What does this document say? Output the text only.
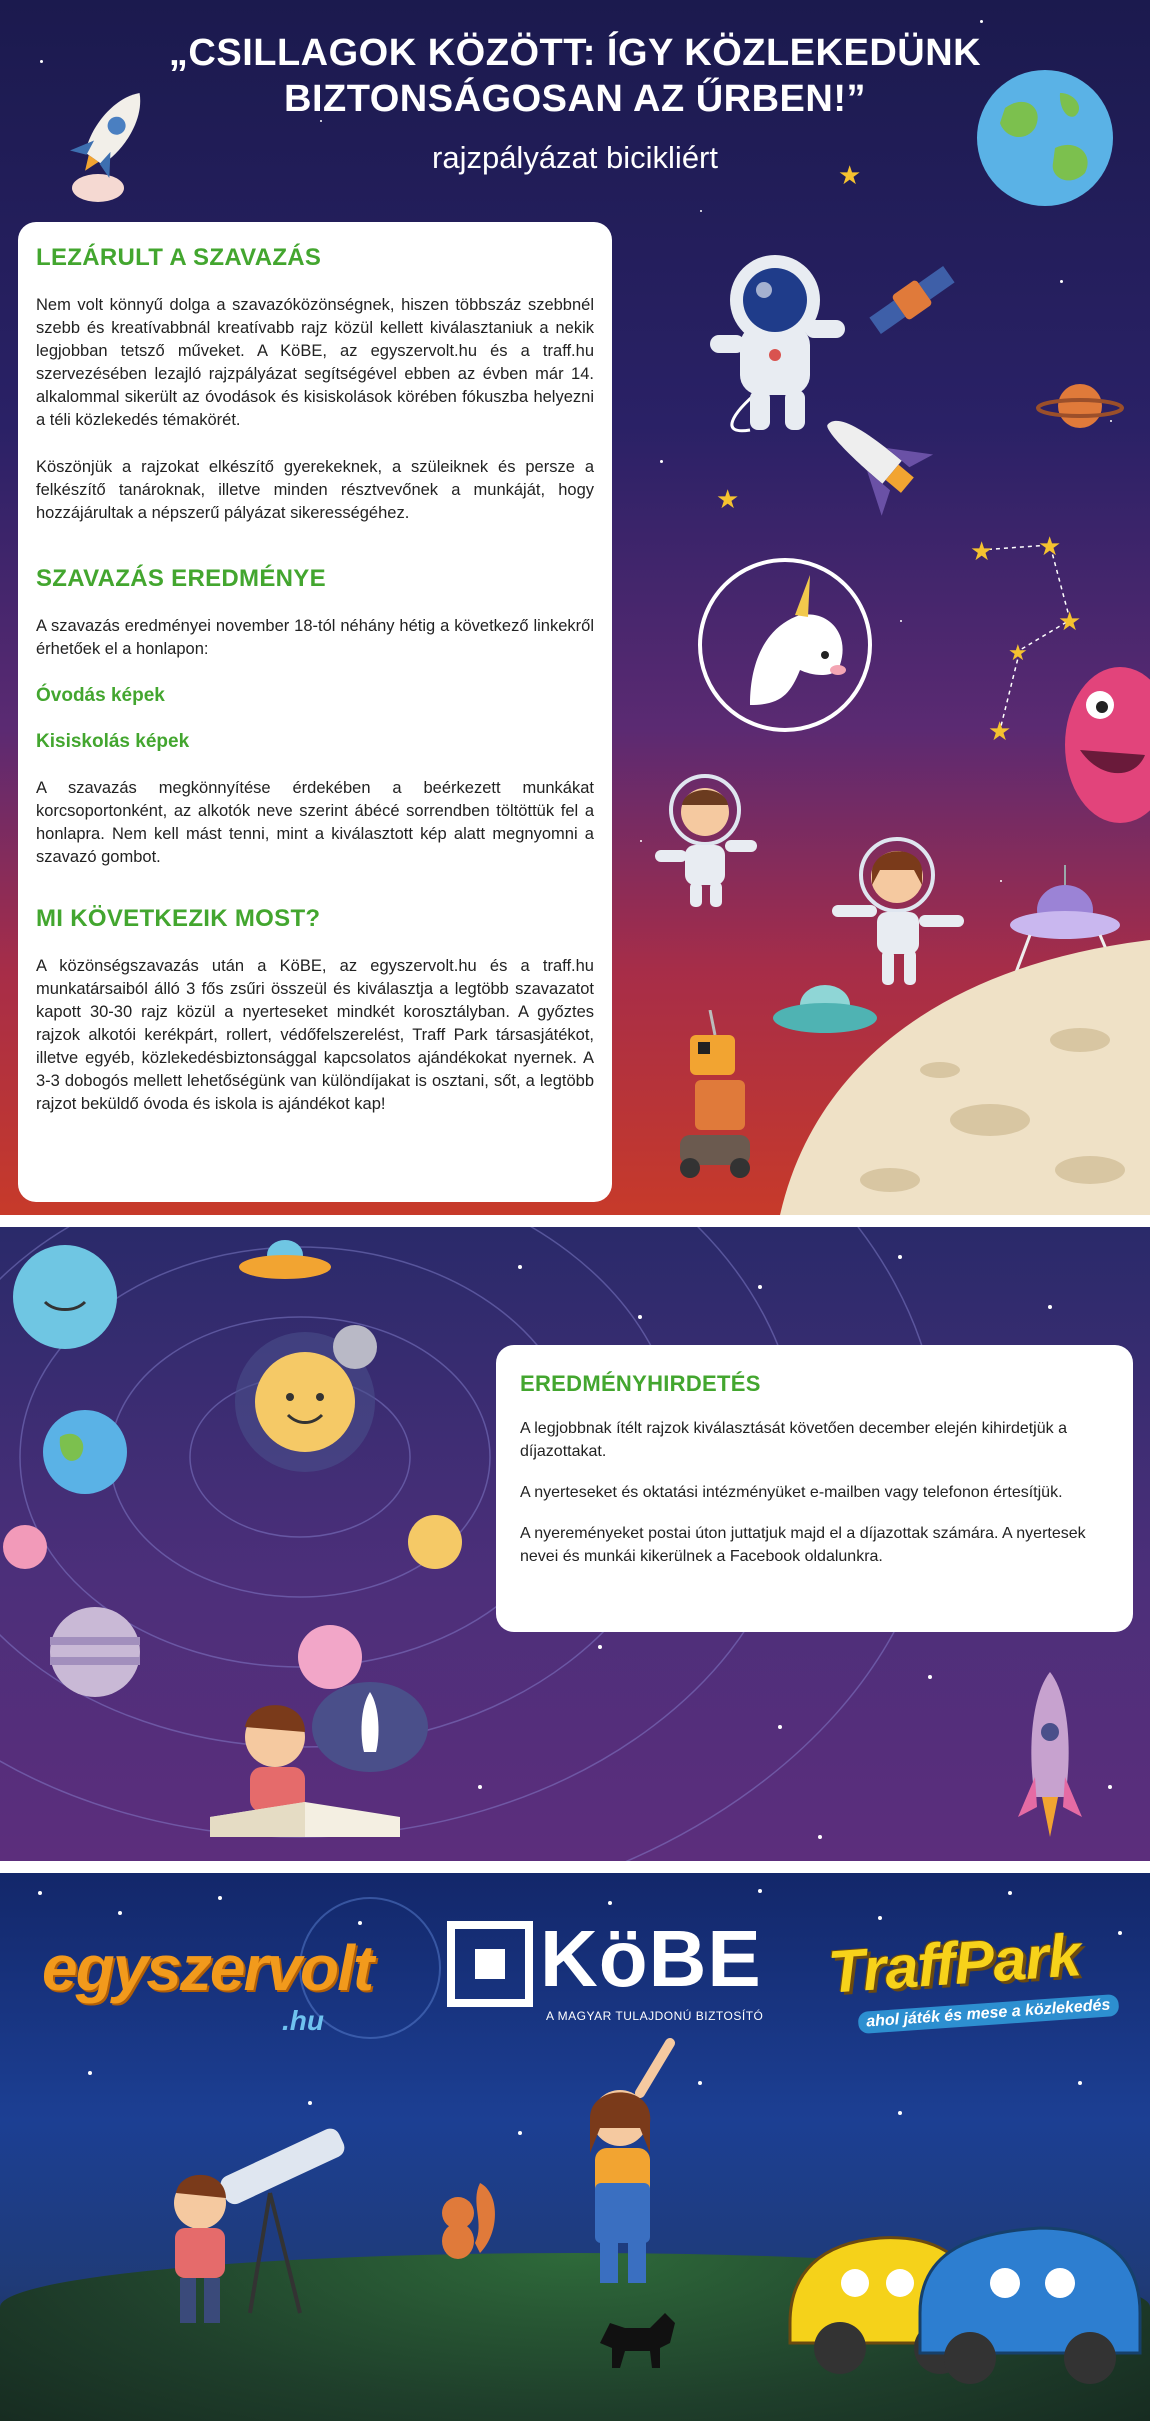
★
★
„CSILLAGOK KÖZÖTT: ÍGY KÖZLEKEDÜNK
BIZTONSÁGOSAN AZ ŰRBEN!”
rajzpályázat bicikliért
★ ★
★
★
★
LEZÁRULT A SZAVAZÁS

Nem volt könnyű dolga a szavazóközönségnek, hiszen többszáz szebbnél szebb és kreatívabbnál kreatívabb rajz közül kellett kiválasztaniuk a nekik legjobban tetsző műveket. A KöBE, az egyszervolt.hu és a traff.hu szervezésében lezajló rajzpályázat segítségével ebben az évben már 14. alkalommal sikerült az óvodások és kisiskolások körében fókuszba helyezni a téli közlekedés témakörét.

Köszönjük a rajzokat elkészítő gyerekeknek, a szüleiknek és persze a felkészítő tanároknak, illetve minden résztvevőnek a munkáját, hogy hozzájárultak a népszerű pályázat sikerességéhez.

SZAVAZÁS EREDMÉNYE

A szavazás eredményei november 18-tól néhány hétig a következő linkekről érhetőek el a honlapon:

Óvodás képek
Kisiskolás képek

A szavazás megkönnyítése érdekében a beérkezett munkákat korcsoportonként, az alkotók neve szerint ábécé sorrendben töltöttük fel a honlapra. Nem kell mást tenni, mint a kiválasztott kép alatt megnyomni a szavazó gombot.

MI KÖVETKEZIK MOST?

A közönségszavazás után a KöBE, az egyszervolt.hu és a traff.hu munkatársaiból álló 3 fős zsűri összeül és kiválasztja a legtöbb szavazatot kapott 30-30 rajz közül a nyerteseket mindkét korosztályban. A győztes rajzok alkotói kerékpárt, rollert, védőfelszerelést, Traff Park társasjátékot, illetve egyéb, közlekedésbiztonsággal kapcsolatos ajándékokat nyernek. A 3-3 dobogós mellett lehetőségünk van különdíjakat is osztani, sőt, a legtöbb rajzot beküldő óvoda és iskola is ajándékot kap!

EREDMÉNYHIRDETÉS

A legjobbnak ítélt rajzok kiválasztását követően december elején kihirdetjük a díjazottakat.

A nyerteseket és oktatási intézményüket e-mailben vagy telefonon értesítjük.

A nyereményeket postai úton juttatjuk majd el a díjazottak számára. A nyertesek nevei és munkái kikerülnek a Facebook oldalunkra.

egyszervolt
.hu
KöBE
A MAGYAR TULAJDONÚ BIZTOSÍTÓ
TraffPark
ahol játék és mese a közlekedés
